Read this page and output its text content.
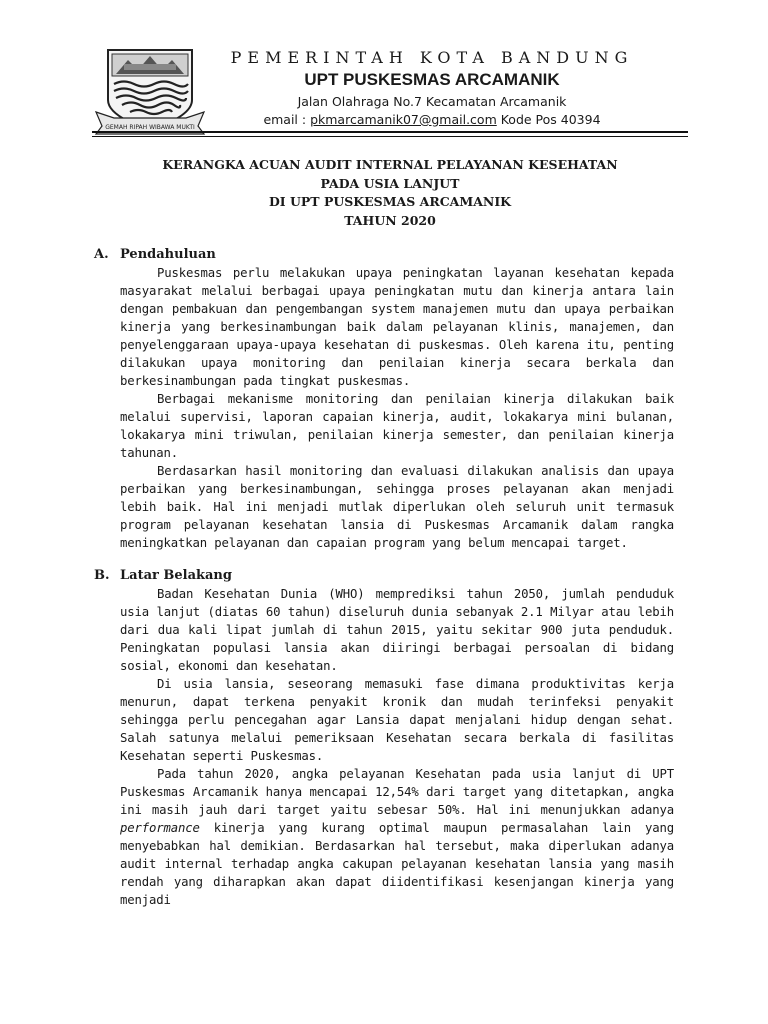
GEMAH RIPAH WIBAWA MUKTI
PEMERINTAH KOTA BANDUNG
UPT PUSKESMAS ARCAMANIK
Jalan Olahraga No.7 Kecamatan Arcamanik
email : pkmarcamanik07@gmail.com Kode Pos 40394
KERANGKA ACUAN AUDIT INTERNAL PELAYANAN KESEHATAN
PADA USIA LANJUT
DI UPT PUSKESMAS ARCAMANIK
TAHUN 2020
A. Pendahuluan

Puskesmas perlu melakukan upaya peningkatan layanan kesehatan kepada masyarakat melalui berbagai upaya peningkatan mutu dan kinerja antara lain dengan pembakuan dan pengembangan system manajemen mutu dan upaya perbaikan kinerja yang berkesinambungan baik dalam pelayanan klinis, manajemen, dan penyelenggaraan upaya-upaya kesehatan di puskesmas. Oleh karena itu, penting dilakukan upaya monitoring dan penilaian kinerja secara berkala dan berkesinambungan pada tingkat puskesmas.

Berbagai mekanisme monitoring dan penilaian kinerja dilakukan baik melalui supervisi, laporan capaian kinerja, audit, lokakarya mini bulanan, lokakarya mini triwulan, penilaian kinerja semester, dan penilaian kinerja tahunan.

Berdasarkan hasil monitoring dan evaluasi dilakukan analisis dan upaya perbaikan yang berkesinambungan, sehingga proses pelayanan akan menjadi lebih baik. Hal ini menjadi mutlak diperlukan oleh seluruh unit termasuk program pelayanan kesehatan lansia di Puskesmas Arcamanik dalam rangka meningkatkan pelayanan dan capaian program yang belum mencapai target.

B. Latar Belakang

Badan Kesehatan Dunia (WHO) memprediksi tahun 2050, jumlah penduduk usia lanjut (diatas 60 tahun) diseluruh dunia sebanyak 2.1 Milyar atau lebih dari dua kali lipat jumlah di tahun 2015, yaitu sekitar 900 juta penduduk. Peningkatan populasi lansia akan diiringi berbagai persoalan di bidang sosial, ekonomi dan kesehatan.

Di usia lansia, seseorang memasuki fase dimana produktivitas kerja menurun, dapat terkena penyakit kronik dan mudah terinfeksi penyakit sehingga perlu pencegahan agar Lansia dapat menjalani hidup dengan sehat. Salah satunya melalui pemeriksaan Kesehatan secara berkala di fasilitas Kesehatan seperti Puskesmas.

Pada tahun 2020, angka pelayanan Kesehatan pada usia lanjut di UPT Puskesmas Arcamanik hanya mencapai 12,54% dari target yang ditetapkan, angka ini masih jauh dari target yaitu sebesar 50%. Hal ini menunjukkan adanya performance kinerja yang kurang optimal maupun permasalahan lain yang menyebabkan hal demikian. Berdasarkan hal tersebut, maka diperlukan adanya audit internal terhadap angka cakupan pelayanan kesehatan lansia yang masih rendah yang diharapkan akan dapat diidentifikasi kesenjangan kinerja yang menjadi
